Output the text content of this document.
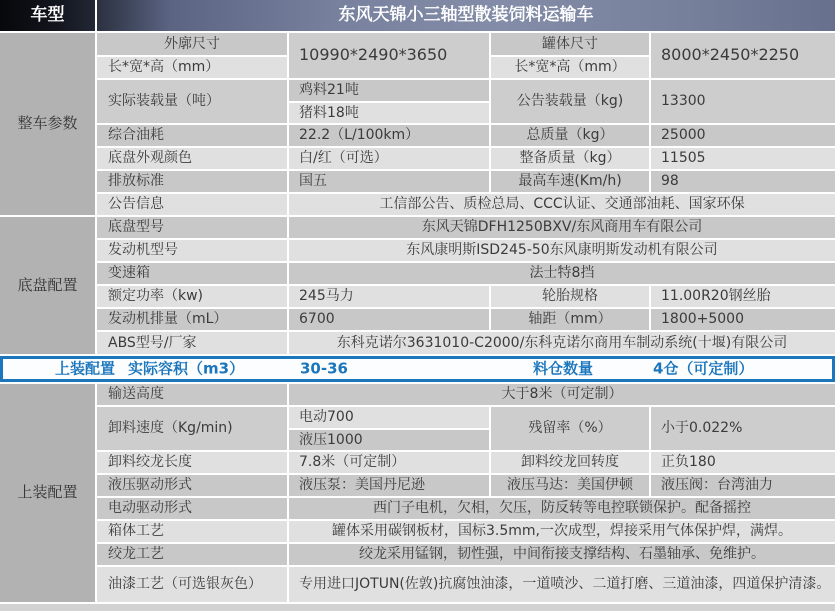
车型	东风天锦小三轴型散装饲料运输车			
整车参数	外廓尺寸	10990*2490*3650	罐体尺寸	8000*2450*2250
	长*宽*高（mm）		长*宽*高（mm）	
	实际装载量（吨）	鸡料21吨	公告装载量（kg)	13300
		猪料18吨		
	综合油耗	22.2（L/100km）	总质量（kg）	25000
	底盘外观颜色	白/红（可选）	整备质量（kg）	11505
	排放标准	国五	最高车速(Km/h)	98
	公告信息	工信部公告、质检总局、CCC认证、交通部油耗、国家环保		
底盘配置	底盘型号	东风天锦DFH1250BXV/东风商用车有限公司		
	发动机型号	东风康明斯ISD245-50东风康明斯发动机有限公司		
	变速箱	法士特8挡		
	额定功率（kw)	245马力	轮胎规格	11.00R20钢丝胎
	发动机排量（mL）	6700	轴距（mm）	1800+5000
	ABS型号/厂家	东科克诺尔3631010-C2000/东科克诺尔商用车制动系统(十堰)有限公司		

上装配置 实际容积（m3） 30-36 料仓数量 4仓（可定制）				

上装配置	输送高度	大于8米（可定制）		
	卸料速度（Kg/min)	电动700	残留率（%）	小于0.022%
		液压1000		
	卸料绞龙长度	7.8米（可定制）	卸料绞龙回转度	正负180
	液压驱动形式	液压泵：美国丹尼逊	液压马达：美国伊顿	液压阀：台湾油力
	电动驱动形式	西门子电机，欠相，欠压，防反转等电控联锁保护。配备摇控		
	箱体工艺	罐体采用碳钢板材，国标3.5mm,一次成型，焊接采用气体保护焊，满焊。		
	绞龙工艺	绞龙采用锰钢，韧性强，中间衔接支撑结构、石墨轴承、免维护。		
	油漆工艺（可选银灰色）	专用进口JOTUN(佐敦)抗腐蚀油漆，一道喷沙、二道打磨、三道油漆，四道保护清漆。		
